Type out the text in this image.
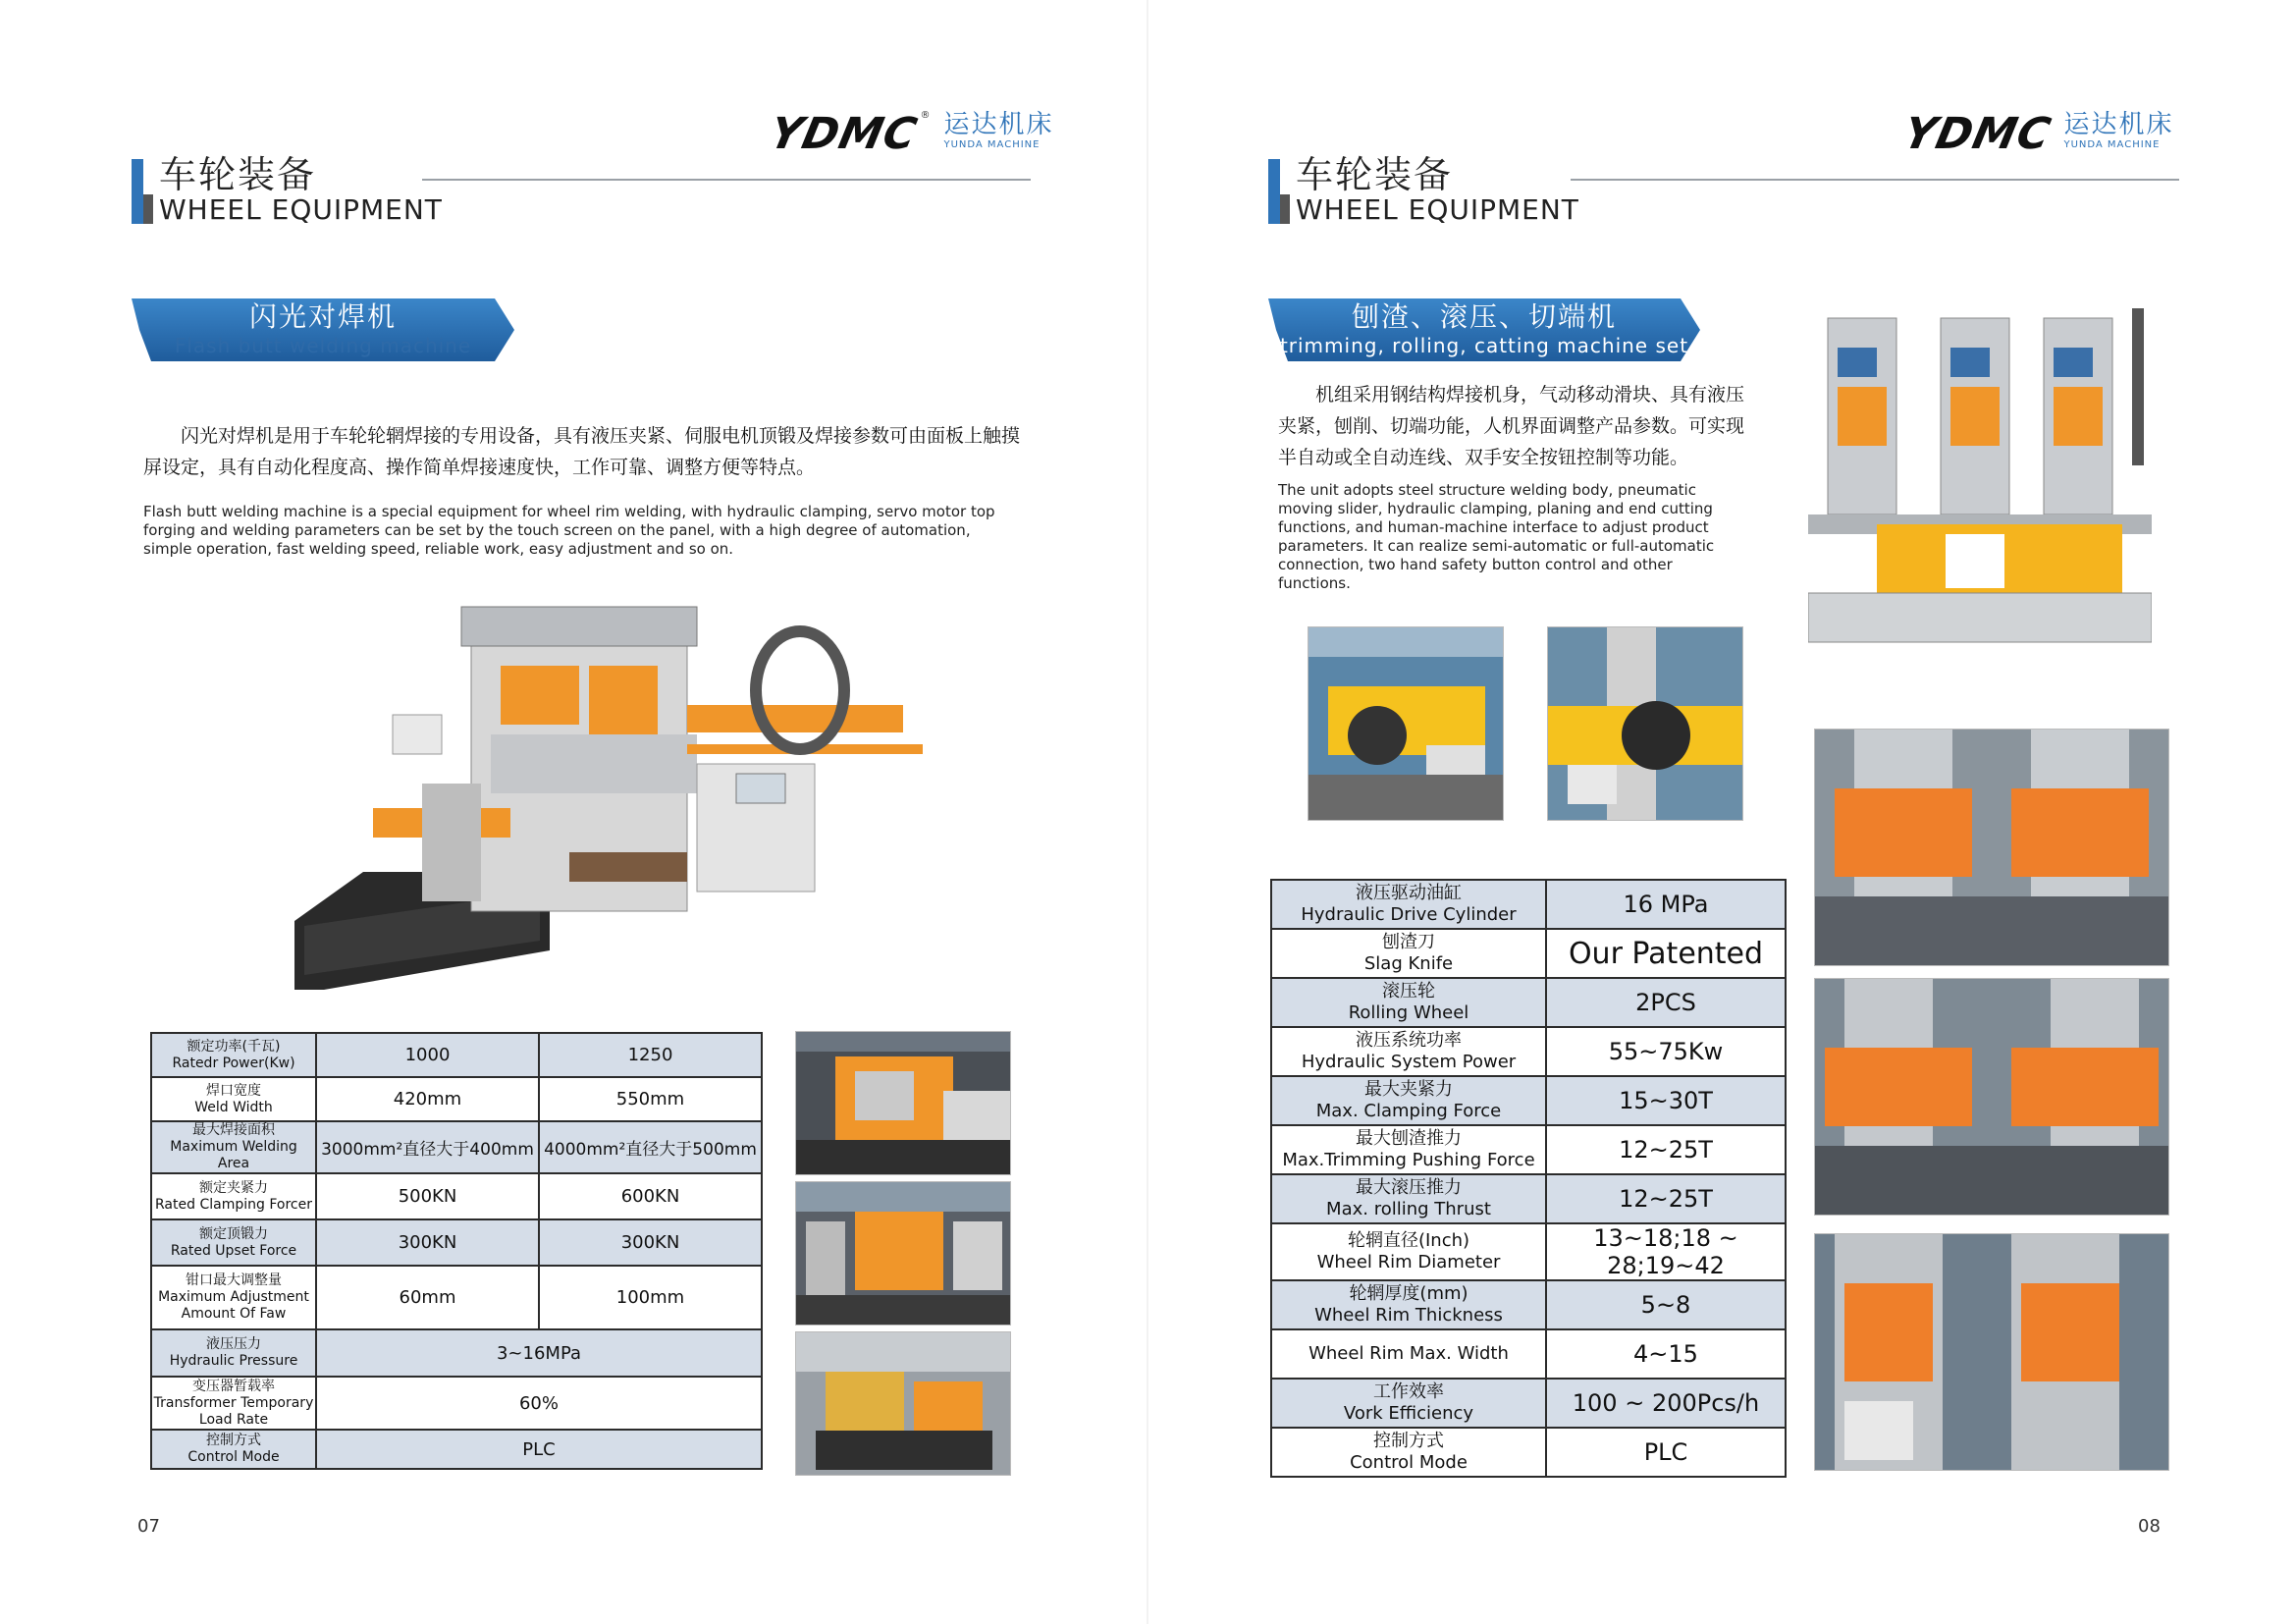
YDMC
® 运达机床
YUNDA MACHINE
车轮装备
WHEEL EQUIPMENT
闪光对焊机
Flash butt welding machine
闪光对焊机是用于车轮轮辋焊接的专用设备，具有液压夹紧、伺服电机顶锻及焊接参数可由面板上触摸屏设定，具有自动化程度高、操作简单焊接速度快，工作可靠、调整方便等特点。
Flash butt welding machine is a special equipment for wheel rim welding, with hydraulic clamping, servo motor top forging and welding parameters can be set by the touch screen on the panel, with a high degree of automation, simple operation, fast welding speed, reliable work, easy adjustment and so on.
额定功率(千瓦)
Ratedr Power(Kw)	1000	1250

焊口宽度
Weld Width	420mm	550mm

最大焊接面积
Maximum Welding Area	3000mm²直径大于400mm	4000mm²直径大于500mm

额定夹紧力
Rated Clamping Forcer	500KN	600KN

额定顶锻力
Rated Upset Force	300KN	300KN

钳口最大调整量
Maximum Adjustment Amount Of Faw	60mm	100mm

液压压力
Hydraulic Pressure	3~16MPa	

变压器暂载率
Transformer Temporary Load Rate	60%	

控制方式
Control Mode	PLC	
07
YDMC 运达机床
YUNDA MACHINE
车轮装备
WHEEL EQUIPMENT
刨渣、滚压、切端机
trimming, rolling, catting machine set
机组采用钢结构焊接机身，气动移动滑块、具有液压夹紧，刨削、切端功能，人机界面调整产品参数。可实现半自动或全自动连线、双手安全按钮控制等功能。
The unit adopts steel structure welding body, pneumatic moving slider, hydraulic clamping, planing and end cutting functions, and human-machine interface to adjust product parameters. It can realize semi-automatic or full-automatic connection, two hand safety button control and other functions.
液压驱动油缸
Hydraulic Drive Cylinder	16 MPa

刨渣刀
Slag Knife	Our Patented

滚压轮
Rolling Wheel	2PCS

液压系统功率
Hydraulic System Power	55~75Kw

最大夹紧力
Max. Clamping Force	15~30T

最大刨渣推力
Max.Trimming Pushing Force	12~25T

最大滚压推力
Max. rolling Thrust	12~25T

轮辋直径(Inch)
Wheel Rim Diameter	13~18;18 ~ 28;19~42

轮辋厚度(mm)
Wheel Rim Thickness	5~8

Wheel Rim Max. Width	4~15

工作效率
Vork Efficiency	100 ~ 200Pcs/h

控制方式
Control Mode	PLC
08
